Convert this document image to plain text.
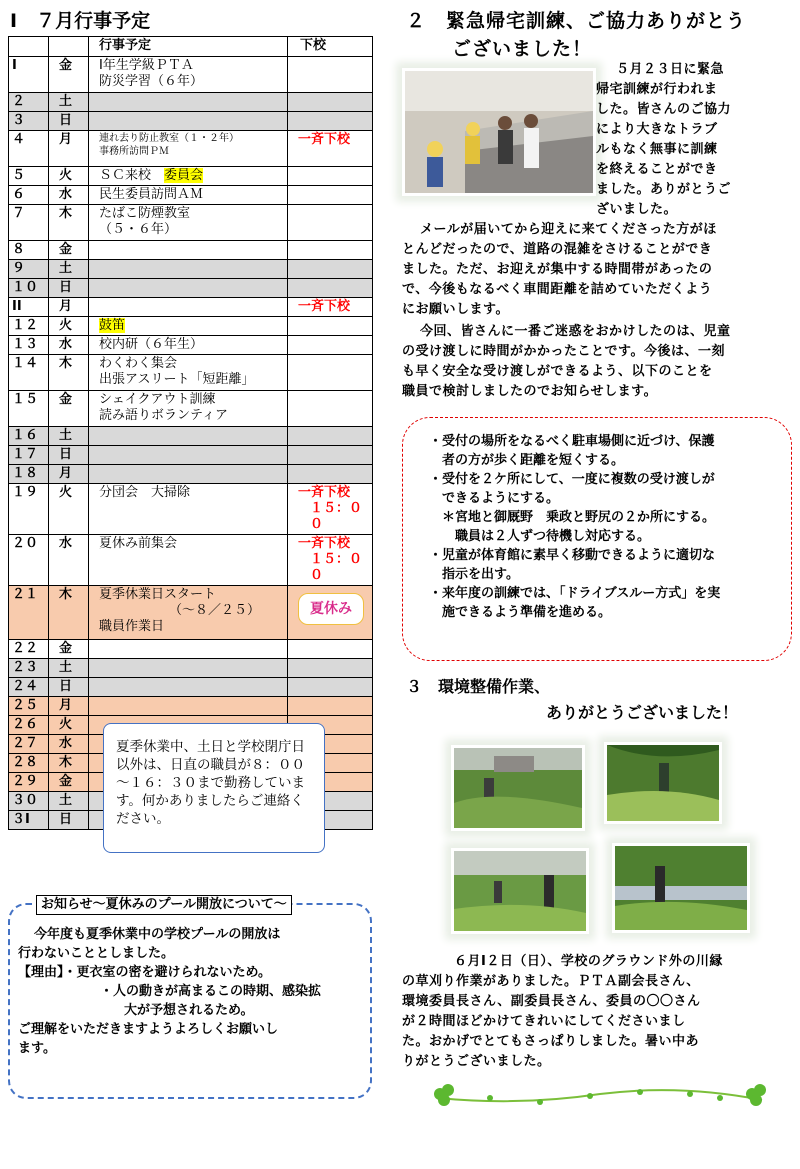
Ⅰ　７月行事予定
		行事予定	下校
Ⅰ	金	Ⅰ年生学級ＰＴＡ
防災学習（６年）	

２	土		
３	日		
４	月	連れ去り防止教室（１・２年）
事務所訪問ＰＭ	一斉下校

５	火	ＳＣ来校　委員会	

６	水	民生委員訪問ＡＭ	

７	木	たばこ防煙教室
（５・６年）	

８	金		
９	土		
１０	日		
ⅠⅠ	月		一斉下校

１２	火	鼓笛	

１３	水	校内研（６年生）	

１４	木	わくわく集会
出張アスリート「短距離」	

１５	金	シェイクアウト訓練
読み語りボランティア	

１６	土		
１７	日		
１８	月		
１９	火	分団会　大掃除	一斉下校
１５：００

２０	水	夏休み前集会	一斉下校
１５：００

２１	木	夏季休業日スタート
（～８／２５）
職員作業日	夏休み

２２	金		
２３	土		
２４	日		
２５	月		
２６	火		
２７	水		
２８	木		
２９	金		
３０	土		
３Ⅰ	日		
夏季休業中、土日と学校閉庁日以外は、日直の職員が８：００～１６：３０まで勤務しています。何かありましたらご連絡ください。
お知らせ～夏休みのプール開放について～
今年度も夏季休業中の学校プールの開放は
行わないこととしました。
【理由】・更衣室の密を避けられないため。
・人の動きが高まるこの時期、感染拡
大が予想されるため。
ご理解をいただきますようよろしくお願いし
ます。
２　緊急帰宅訓練、ご協力ありがとう
ございました！
５月２３日に緊急
帰宅訓練が行われま
した。皆さんのご協力
により大きなトラブ
ルもなく無事に訓練
を終えることができ
ました。ありがとうご
ざいました。
メールが届いてから迎えに来てくださった方がほ
とんどだったので、道路の混雑をさけることができ
ました。ただ、お迎えが集中する時間帯があったの
で、今後もなるべく車間距離を詰めていただくよう
にお願いします。
今回、皆さんに一番ご迷惑をおかけしたのは、児童
の受け渡しに時間がかかったことです。今後は、一刻
も早く安全な受け渡しができるよう、以下のことを
職員で検討しましたのでお知らせします。
・受付の場所をなるべく駐車場側に近づけ、保護
　者の方が歩く距離を短くする。
・受付を２ケ所にして、一度に複数の受け渡しが
　できるようにする。
　＊宮地と御厩野　乗政と野尻の２か所にする。
　　職員は２人ずつ待機し対応する。
・児童が体育館に素早く移動できるように適切な
　指示を出す。
・来年度の訓練では、「ドライブスルー方式」を実
　施できるよう準備を進める。
３　環境整備作業、
ありがとうございました！
６月Ⅰ２日（日）、学校のグラウンド外の川縁
の草刈り作業がありました。ＰＴＡ副会長さん、
環境委員長さん、副委員長さん、委員の〇〇さん
が２時間ほどかけてきれいにしてくださいまし
た。おかげでとてもさっぱりしました。暑い中あ
りがとうございました。
